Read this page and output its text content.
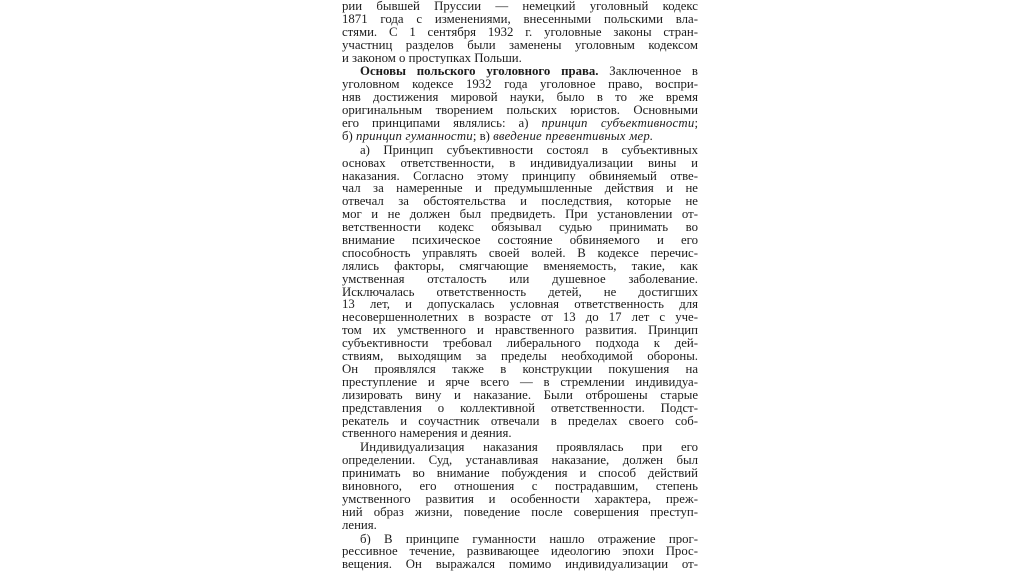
рии бывшей Пруссии — немецкий уголовный кодекс
1871 года с изменениями, внесенными польскими вла-
стями. С 1 сентября 1932 г. уголовные законы стран-
участниц разделов были заменены уголовным кодексом
и законом о проступках Польши.
Основы польского уголовного права. Заключенное в
уголовном кодексе 1932 года уголовное право, воспри-
няв достижения мировой науки, было в то же время
оригинальным творением польских юристов. Основными
его принципами являлись: а) принцип субъективности;
б) принцип гуманности; в) введение превентивных мер.
а) Принцип субъективности состоял в субъективных
основах ответственности, в индивидуализации вины и
наказания. Согласно этому принципу обвиняемый отве-
чал за намеренные и предумышленные действия и не
отвечал за обстоятельства и последствия, которые не
мог и не должен был предвидеть. При установлении от-
ветственности кодекс обязывал судью принимать во
внимание психическое состояние обвиняемого и его
способность управлять своей волей. В кодексе перечис-
лялись факторы, смягчающие вменяемость, такие, как
умственная отсталость или душевное заболевание.
Исключалась ответственность детей, не достигших
13 лет, и допускалась условная ответственность для
несовершеннолетних в возрасте от 13 до 17 лет с уче-
том их умственного и нравственного развития. Принцип
субъективности требовал либерального подхода к дей-
ствиям, выходящим за пределы необходимой обороны.
Он проявлялся также в конструкции покушения на
преступление и ярче всего — в стремлении индивидуа-
лизировать вину и наказание. Были отброшены старые
представления о коллективной ответственности. Подст-
рекатель и соучастник отвечали в пределах своего соб-
ственного намерения и деяния.
Индивидуализация наказания проявлялась при его
определении. Суд, устанавливая наказание, должен был
принимать во внимание побуждения и способ действий
виновного, его отношения с пострадавшим, степень
умственного развития и особенности характера, преж-
ний образ жизни, поведение после совершения преступ-
ления.
б) В принципе гуманности нашло отражение прог-
рессивное течение, развивающее идеологию эпохи Прос-
вещения. Он выражался помимо индивидуализации от-
